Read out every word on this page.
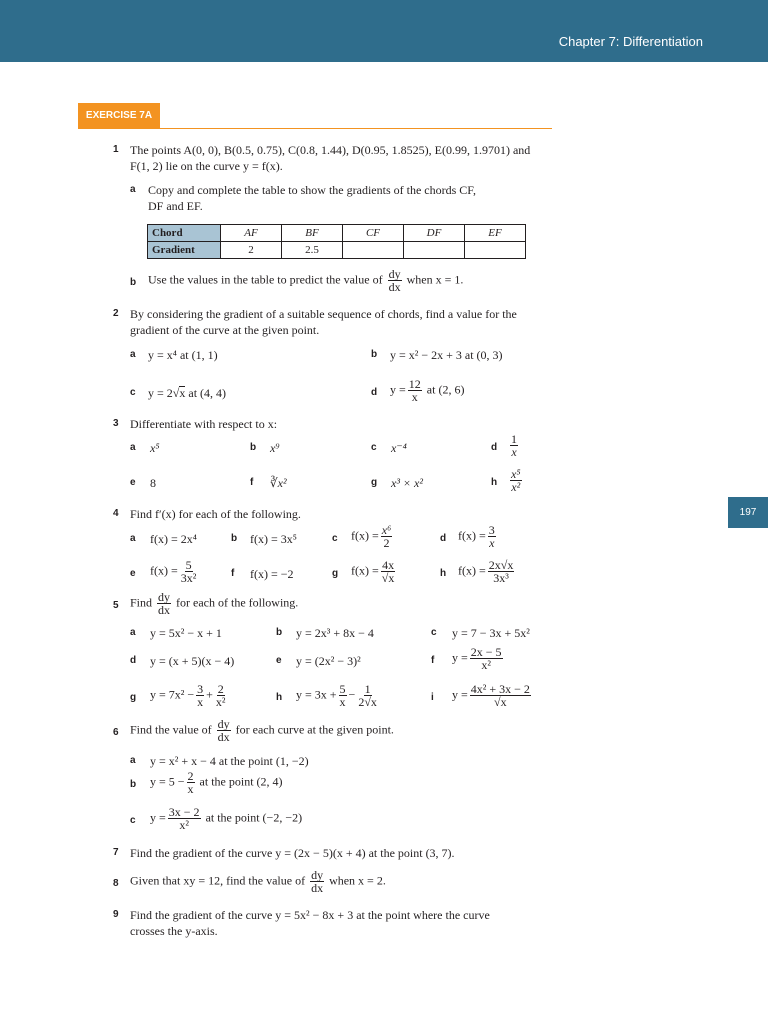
Chapter 7: Differentiation
197
EXERCISE 7A
1 The points A(0, 0), B(0.5, 0.75), C(0.8, 1.44), D(0.95, 1.8525), E(0.99, 1.9701) and
F(1, 2) lie on the curve y = f(x).
a Copy and complete the table to show the gradients of the chords CF,
DF and EF.
Chord	AF	BF	CF	DF	EF
Gradient	2	2.5			
b Use the values in the table to predict the value of $\frac{dy}{dx}$ when x = 1.
2 By considering the gradient of a suitable sequence of chords, find a value for the
gradient of the curve at the given point.
a y = x⁴ at (1, 1)	b y = x² − 2x + 3 at (0, 3)
c y = 2√x at (4, 4)	d $y = \frac{12}{x}$ at (2, 6)
3 Differentiate with respect to x:
a x⁵	b x⁹	c x⁻⁴	d $\frac{1}{x}$
e 8	f ∛x²	g x³ × x²	h $\frac{\text{x⁵}}{\text{x²}}$
4 Find f′(x) for each of the following.
a f(x) = 2x⁴	b f(x) = 3x⁵	c $f(x) = \frac{\text{x⁶}}{2}$	d $f(x) = \frac{3}{x}$
e $f(x) = \frac{5}{\text{3x²}}$	f f(x) = −2	g $f(x) = \frac{4x}{√x}$	h $f(x) = \frac{2x√x}{\text{3x³}}$
5 Find $\frac{dy}{dx}$ for each of the following.
a y = 5x² − x + 1	b y = 2x³ + 8x − 4	c y = 7 − 3x + 5x²
d y = (x + 5)(x − 4)	e y = (2x² − 3)²	f $y = \frac{2x - 5}{\text{x²}}$
g $y = 7x^2 - \frac{3}{x} + \frac{2}{\text{x²}}$	h $y = 3x + \frac{5}{x} - \frac{1}{2√x}$	i $y = \frac{\text{4x² + 3x − 2}}{√x}$
6 Find the value of $\frac{dy}{dx}$ for each curve at the given point.
a y = x² + x − 4 at the point (1, −2)
b $y = 5 - \frac{2}{x}$ at the point (2, 4)
c $y = \frac{3x - 2}{\text{x²}}$ at the point (−2, −2)
7 Find the gradient of the curve y = (2x − 5)(x + 4) at the point (3, 7).
8 Given that xy = 12, find the value of $\frac{dy}{dx}$ when x = 2.
9 Find the gradient of the curve y = 5x² − 8x + 3 at the point where the curve
crosses the y-axis.
